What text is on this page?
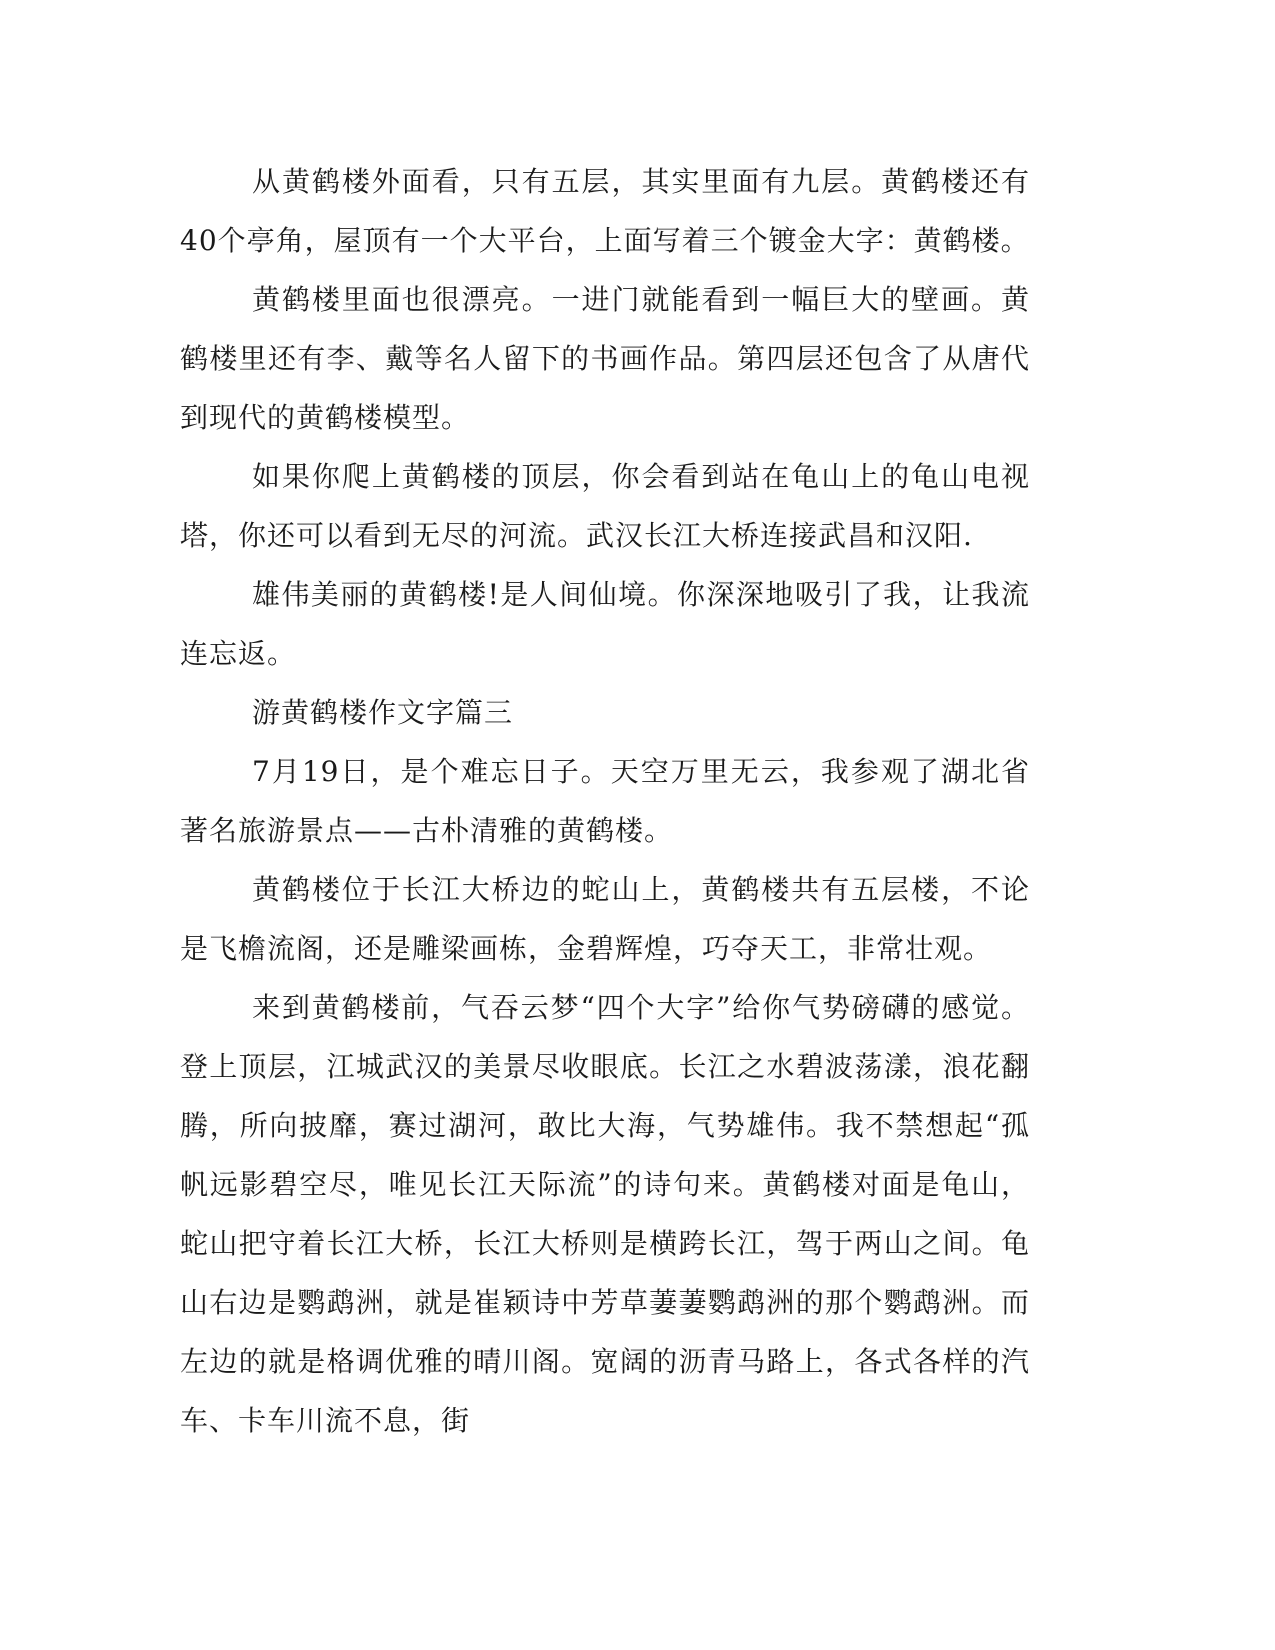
从黄鹤楼外面看，只有五层，其实里面有九层。黄鹤楼还有40个亭角，屋顶有一个大平台，上面写着三个镀金大字：黄鹤楼。

黄鹤楼里面也很漂亮。一进门就能看到一幅巨大的壁画。黄鹤楼里还有李、戴等名人留下的书画作品。第四层还包含了从唐代到现代的黄鹤楼模型。

如果你爬上黄鹤楼的顶层，你会看到站在龟山上的龟山电视塔，你还可以看到无尽的河流。武汉长江大桥连接武昌和汉阳.

雄伟美丽的黄鹤楼!是人间仙境。你深深地吸引了我，让我流连忘返。

游黄鹤楼作文字篇三

7月19日，是个难忘日子。天空万里无云，我参观了湖北省著名旅游景点——古朴清雅的黄鹤楼。

黄鹤楼位于长江大桥边的蛇山上，黄鹤楼共有五层楼，不论是飞檐流阁，还是雕梁画栋，金碧辉煌，巧夺天工，非常壮观。

来到黄鹤楼前，气吞云梦“四个大字”给你气势磅礴的感觉。登上顶层，江城武汉的美景尽收眼底。长江之水碧波荡漾，浪花翻腾，所向披靡，赛过湖河，敢比大海，气势雄伟。我不禁想起“孤帆远影碧空尽，唯见长江天际流”的诗句来。黄鹤楼对面是龟山，蛇山把守着长江大桥，长江大桥则是横跨长江，驾于两山之间。龟山右边是鹦鹉洲，就是崔颖诗中芳草萋萋鹦鹉洲的那个鹦鹉洲。而左边的就是格调优雅的晴川阁。宽阔的沥青马路上，各式各样的汽车、卡车川流不息，街
